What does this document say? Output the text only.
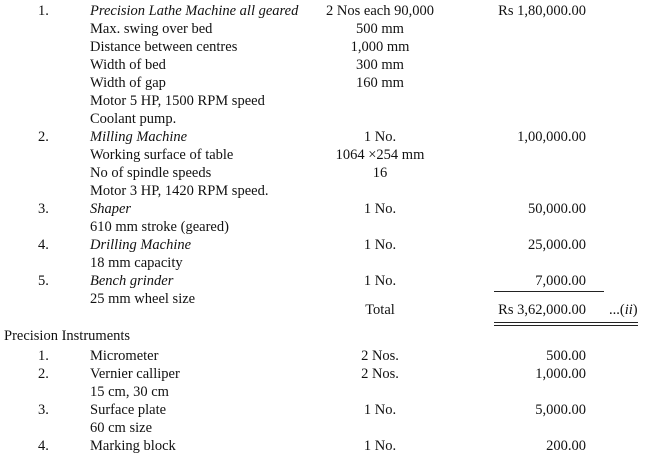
1.	Precision Lathe Machine all geared	2 Nos each 90,000	Rs 1,80,000.00
Max. swing over bed	500 mm
Distance between centres	1,000 mm
Width of bed	300 mm
Width of gap	160 mm
Motor 5 HP, 1500 RPM speed
Coolant pump.
2.	Milling Machine	1 No.	1,00,000.00
Working surface of table	1064 ×254 mm
No of spindle speeds	16
Motor 3 HP, 1420 RPM speed.
3.	Shaper	1 No.	50,000.00
610 mm stroke (geared)
4.	Drilling Machine	1 No.	25,000.00
18 mm capacity
5.	Bench grinder	1 No.	7,000.00
25 mm wheel size
Total	Rs 3,62,000.00 ...(ii)
Precision Instruments
1.	Micrometer	2 Nos.	500.00
2.	Vernier calliper	2 Nos.	1,000.00
15 cm, 30 cm
3.	Surface plate	1 No.	5,000.00
60 cm size
4.	Marking block	1 No.	200.00
